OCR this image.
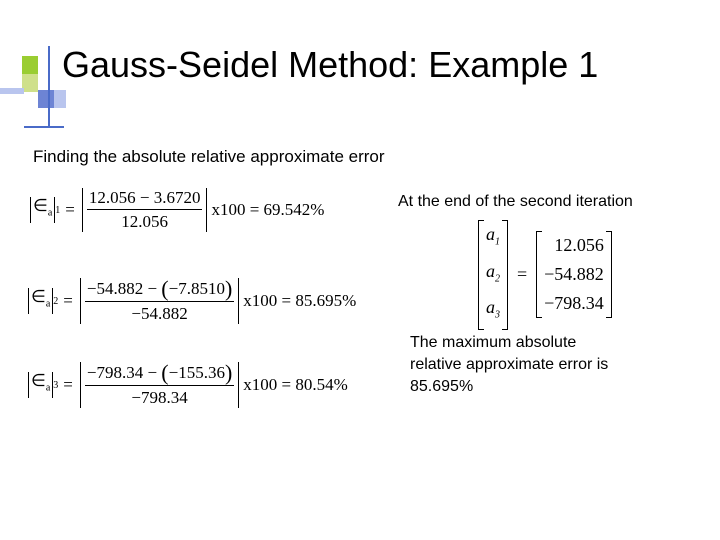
Gauss-Seidel Method: Example 1
Finding the absolute relative approximate error
$\in_a$ $1 = \frac{12.056 - 3.6720}{12.056} x100 = 69.542\%$
$\in_a$ $2 = \frac{-54.882 - (-7.8510)}{-54.882} x100 = 85.695\%$
$\in_a$ $3 = \frac{-798.34 - (-155.36)}{-798.34} x100 = 80.54\%$
At the end of the second iteration
$a_1$
$a_2$
$a_3$
=
12.056
−54.882
−798.34
The maximum absolute
relative approximate error is
85.695%
